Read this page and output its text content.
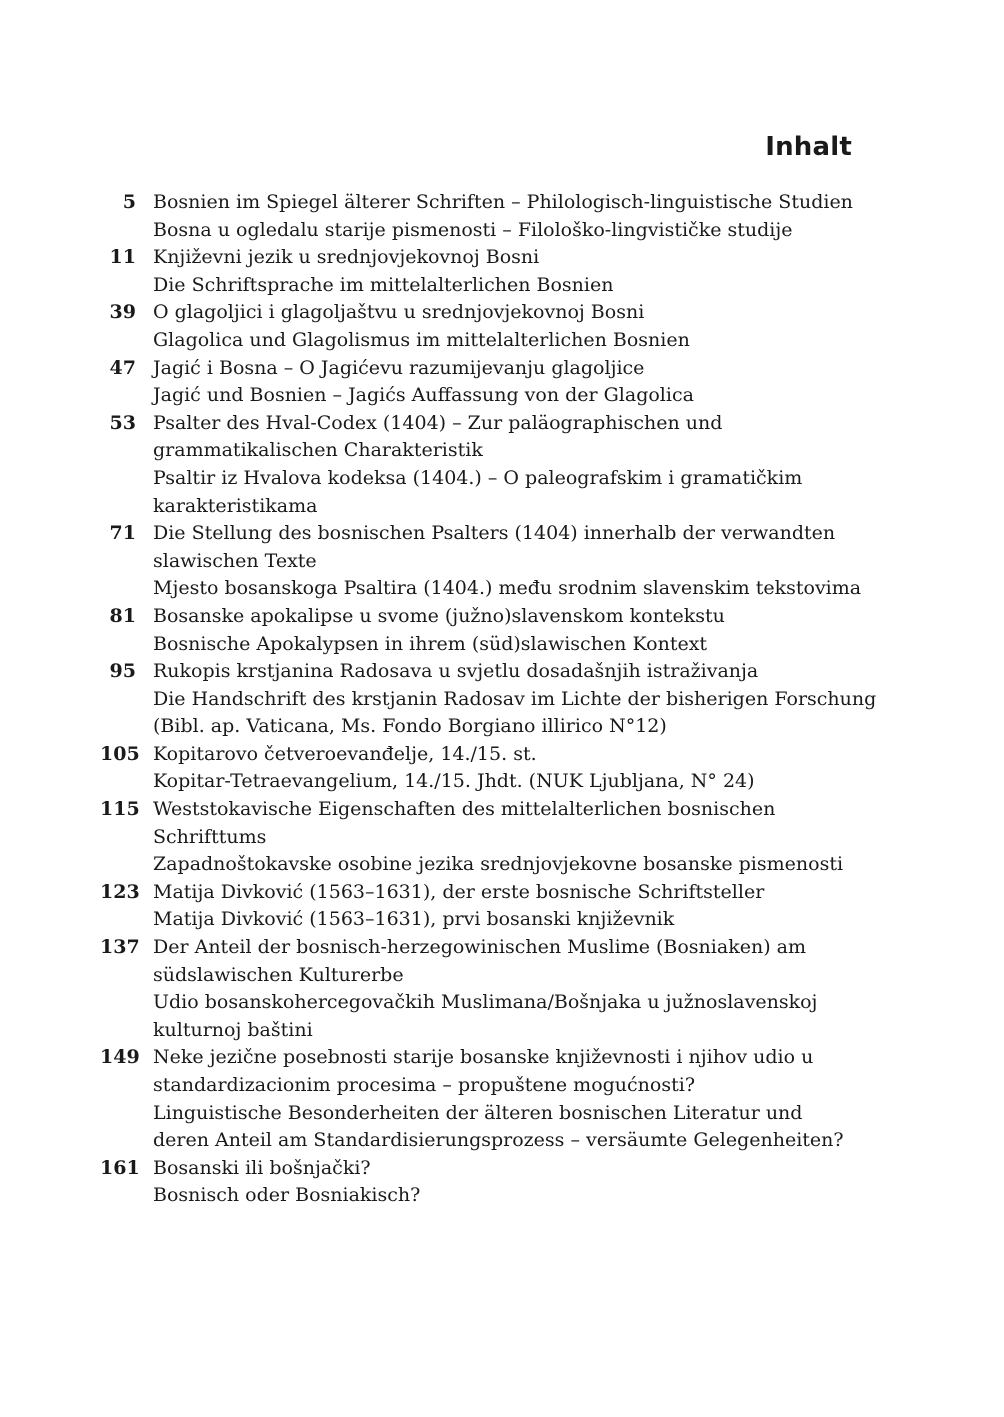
Inhalt
5 Bosnien im Spiegel älterer Schriften – Philologisch-linguistische Studien
Bosna u ogledalu starije pismenosti – Filološko-lingvističke studije
11 Književni jezik u srednjovjekovnoj Bosni
Die Schriftsprache im mittelalterlichen Bosnien
39 O glagoljici i glagoljaštvu u srednjovjekovnoj Bosni
Glagolica und Glagolismus im mittelalterlichen Bosnien
47 Jagić i Bosna – O Jagićevu razumijevanju glagoljice
Jagić und Bosnien – Jagićs Auffassung von der Glagolica
53 Psalter des Hval-Codex (1404) – Zur paläographischen und
grammatikalischen Charakteristik
Psaltir iz Hvalova kodeksa (1404.) – O paleografskim i gramatičkim
karakteristikama
71 Die Stellung des bosnischen Psalters (1404) innerhalb der verwandten
slawischen Texte
Mjesto bosanskoga Psaltira (1404.) među srodnim slavenskim tekstovima
81 Bosanske apokalipse u svome (južno)slavenskom kontekstu
Bosnische Apokalypsen in ihrem (süd)slawischen Kontext
95 Rukopis krstjanina Radosava u svjetlu dosadašnjih istraživanja
Die Handschrift des krstjanin Radosav im Lichte der bisherigen Forschung
(Bibl. ap. Vaticana, Ms. Fondo Borgiano illirico N°12)
105 Kopitarovo četveroevanđelje, 14./15. st.
Kopitar-Tetraevangelium, 14./15. Jhdt. (NUK Ljubljana, N° 24)
115 Weststokavische Eigenschaften des mittelalterlichen bosnischen
Schrifttums
Zapadnoštokavske osobine jezika srednjovjekovne bosanske pismenosti
123 Matija Divković (1563–1631), der erste bosnische Schriftsteller
Matija Divković (1563–1631), prvi bosanski književnik
137 Der Anteil der bosnisch-herzegowinischen Muslime (Bosniaken) am
südslawischen Kulturerbe
Udio bosanskohercegovačkih Muslimana/Bošnjaka u južnoslavenskoj
kulturnoj baštini
149 Neke jezične posebnosti starije bosanske književnosti i njihov udio u
standardizacionim procesima – propuštene mogućnosti?
Linguistische Besonderheiten der älteren bosnischen Literatur und
deren Anteil am Standardisierungsprozess – versäumte Gelegenheiten?
161 Bosanski ili bošnjački?
Bosnisch oder Bosniakisch?
